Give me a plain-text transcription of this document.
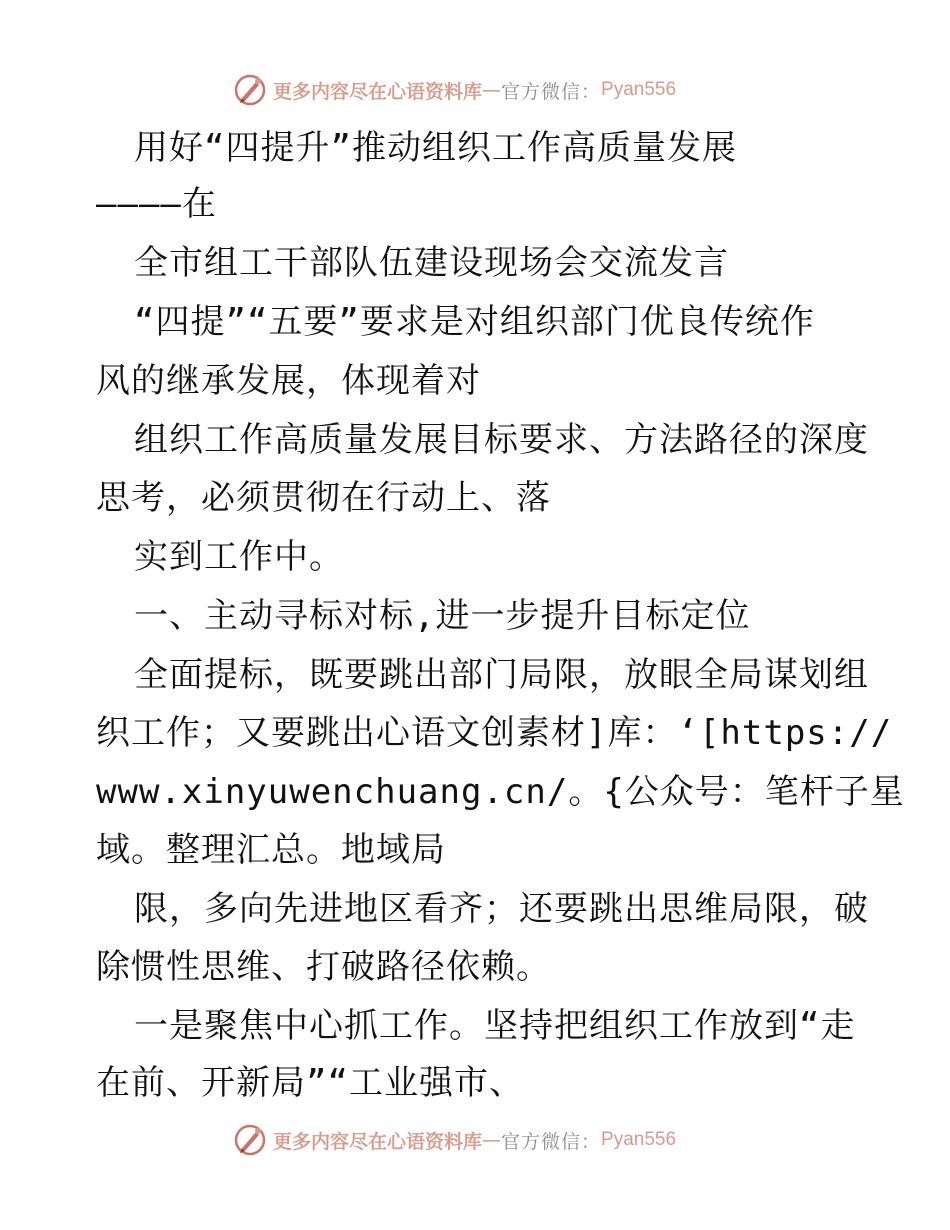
更多内容尽在心语资料库 — 官方微信： Pyan556
用好“四提升”推动组织工作高质量发展
————在
全市组工干部队伍建设现场会交流发言
“四提”“五要”要求是对组织部门优良传统作
风的继承发展，体现着对
组织工作高质量发展目标要求、方法路径的深度
思考，必须贯彻在行动上、落
实到工作中。
一、主动寻标对标,进一步提升目标定位
全面提标，既要跳出部门局限，放眼全局谋划组
织工作；又要跳出心语文创素材]库：‘[https://
www.xinyuwenchuang.cn/。{公众号：笔杆子星
域。整理汇总。地域局
限，多向先进地区看齐；还要跳出思维局限，破
除惯性思维、打破路径依赖。
一是聚焦中心抓工作。坚持把组织工作放到“走
在前、开新局”“工业强市、
更多内容尽在心语资料库 — 官方微信： Pyan556
